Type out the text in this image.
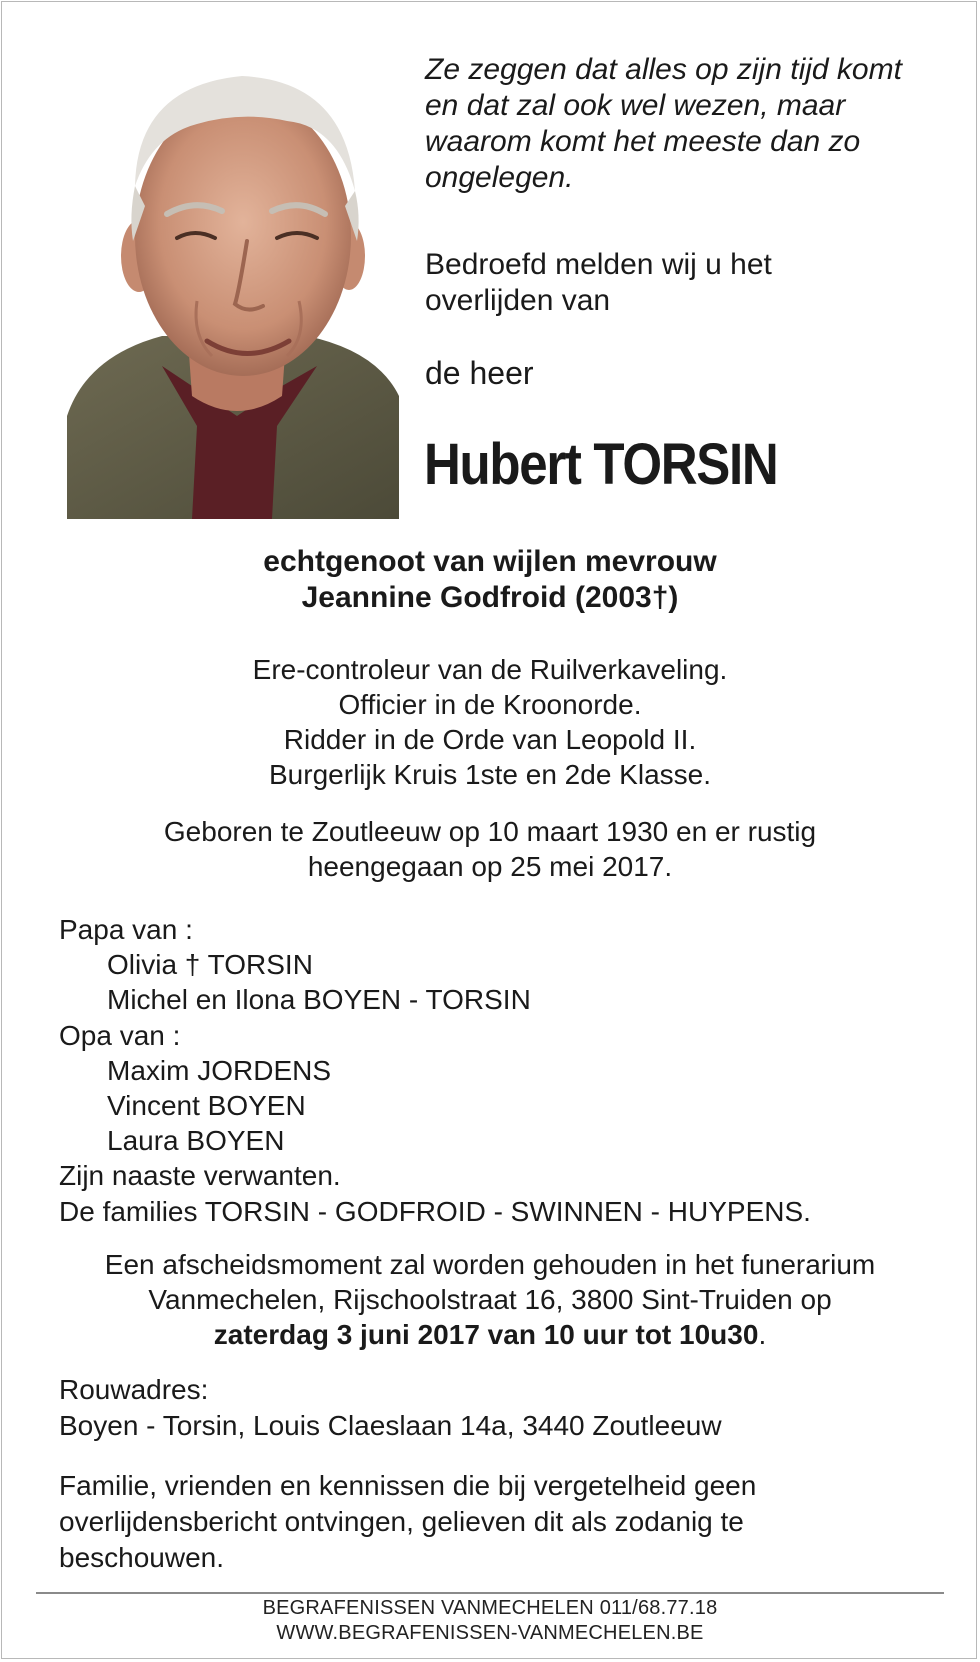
Ze zeggen dat alles op zijn tijd komt
en dat zal ook wel wezen, maar
waarom komt het meeste dan zo
ongelegen.
Bedroefd melden wij u het
overlijden van
de heer
Hubert TORSIN
echtgenoot van wijlen mevrouw
Jeannine Godfroid (2003†)
Ere-controleur van de Ruilverkaveling.
Officier in de Kroonorde.
Ridder in de Orde van Leopold II.
Burgerlijk Kruis 1ste en 2de Klasse.
Geboren te Zoutleeuw op 10 maart 1930 en er rustig
heengegaan op 25 mei 2017.
Papa van :
Olivia † TORSIN
Michel en Ilona BOYEN - TORSIN
Opa van :
Maxim JORDENS
Vincent BOYEN
Laura BOYEN
Zijn naaste verwanten.
De families TORSIN - GODFROID - SWINNEN - HUYPENS.
Een afscheidsmoment zal worden gehouden in het funerarium
Vanmechelen, Rijschoolstraat 16, 3800 Sint-Truiden op
zaterdag 3 juni 2017 van 10 uur tot 10u30.
Rouwadres:
Boyen - Torsin, Louis Claeslaan 14a, 3440 Zoutleeuw
Familie, vrienden en kennissen die bij vergetelheid geen
overlijdensbericht ontvingen, gelieven dit als zodanig te
beschouwen.
BEGRAFENISSEN VANMECHELEN 011/68.77.18
WWW.BEGRAFENISSEN-VANMECHELEN.BE
